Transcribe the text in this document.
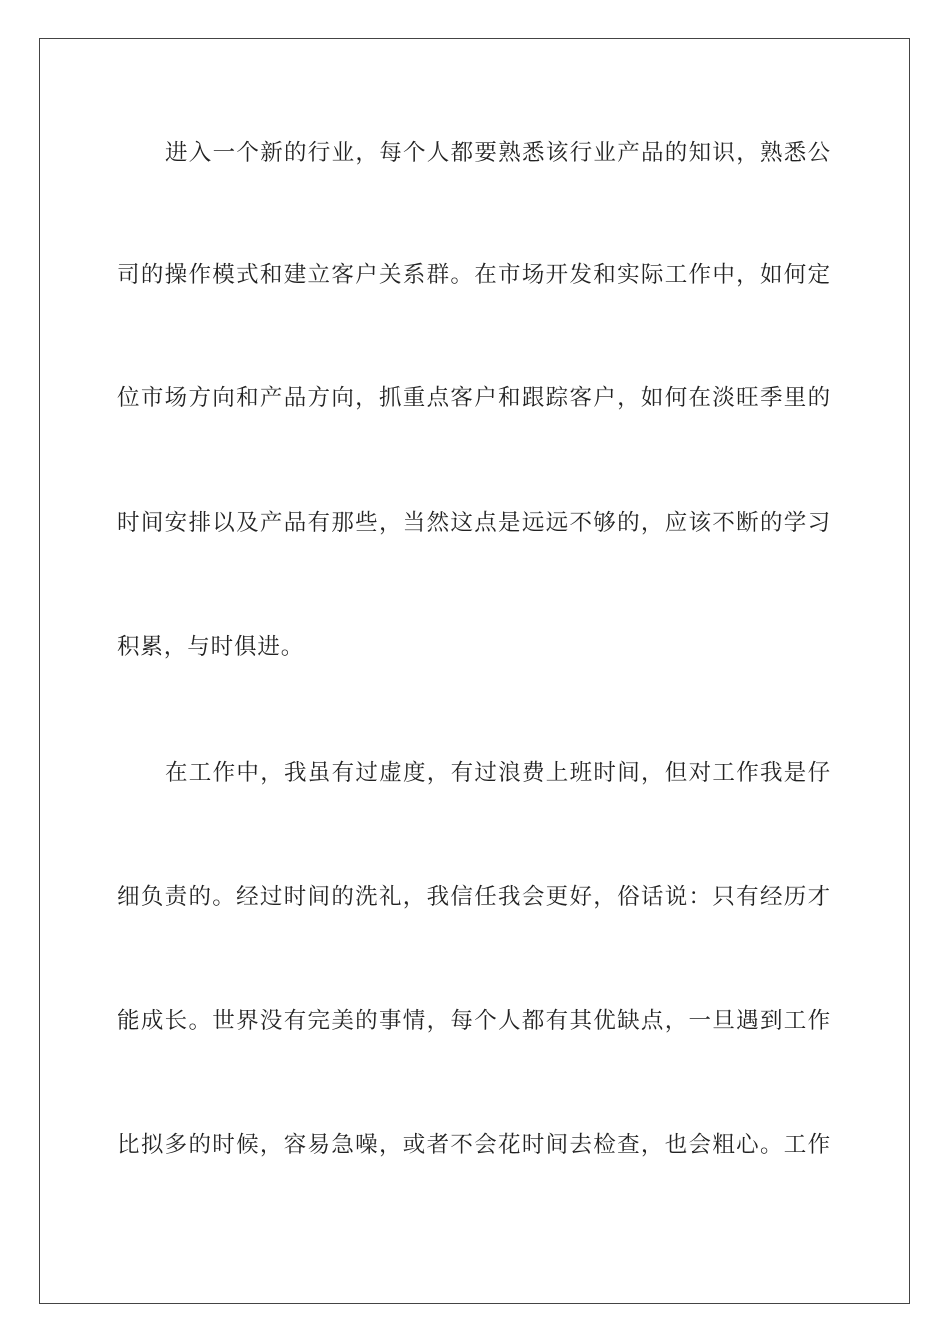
进入一个新的行业，每个人都要熟悉该行业产品的知识，熟悉公
司的操作模式和建立客户关系群。在市场开发和实际工作中，如何定
位市场方向和产品方向，抓重点客户和跟踪客户，如何在淡旺季里的
时间安排以及产品有那些，当然这点是远远不够的，应该不断的学习
积累，与时俱进。
在工作中，我虽有过虚度，有过浪费上班时间，但对工作我是仔
细负责的。经过时间的洗礼，我信任我会更好，俗话说：只有经历才
能成长。世界没有完美的事情，每个人都有其优缺点，一旦遇到工作
比拟多的时候，容易急噪，或者不会花时间去检查，也会粗心。工作
